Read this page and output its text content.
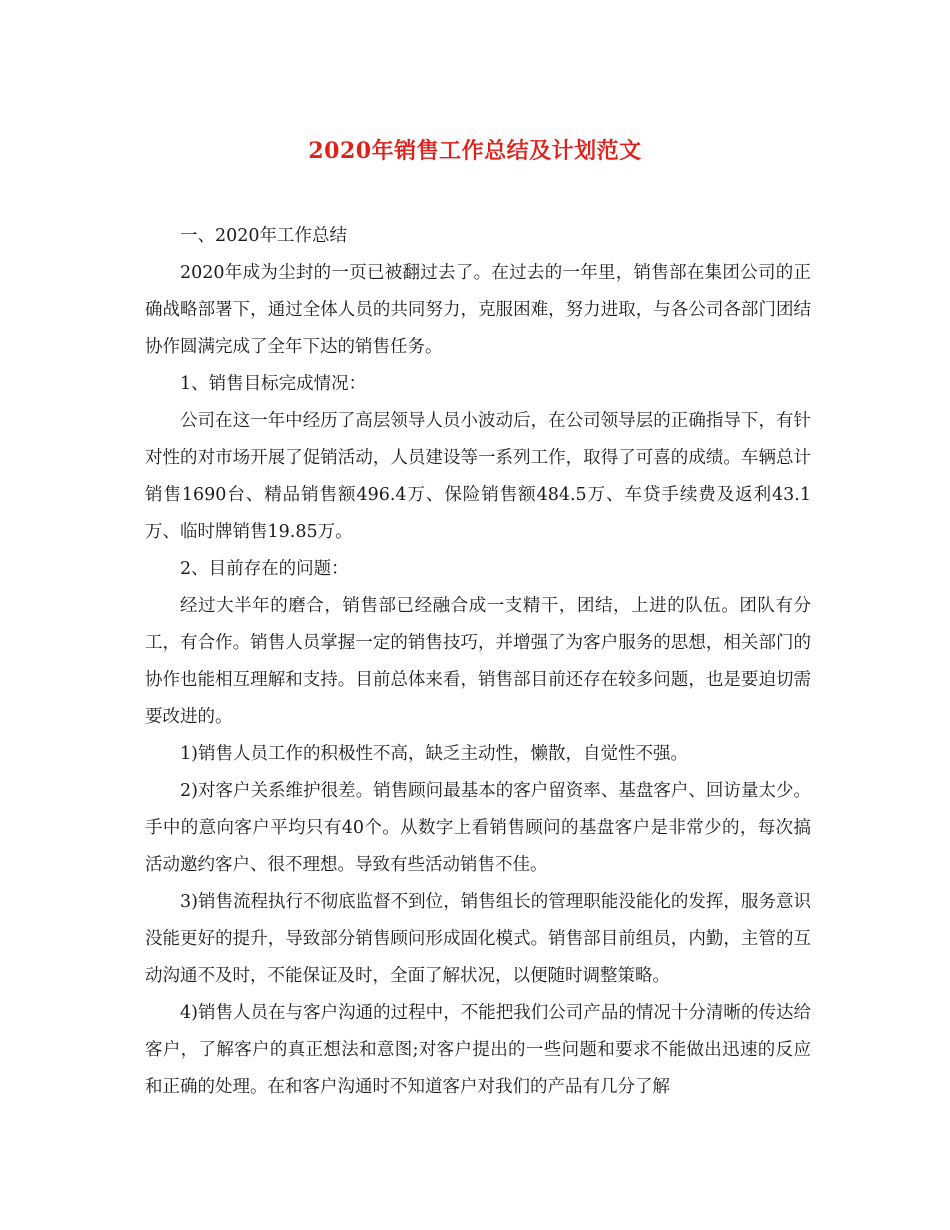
2020年销售工作总结及计划范文

一、2020年工作总结

2020年成为尘封的一页已被翻过去了。在过去的一年里，销售部在集团公司的正确战略部署下，通过全体人员的共同努力，克服困难，努力进取，与各公司各部门团结协作圆满完成了全年下达的销售任务。

1、销售目标完成情况：

公司在这一年中经历了高层领导人员小波动后，在公司领导层的正确指导下，有针对性的对市场开展了促销活动，人员建设等一系列工作，取得了可喜的成绩。车辆总计销售1690台、精品销售额496.4万、保险销售额484.5万、车贷手续费及返利43.1万、临时牌销售19.85万。

2、目前存在的问题：

经过大半年的磨合，销售部已经融合成一支精干，团结，上进的队伍。团队有分工，有合作。销售人员掌握一定的销售技巧，并增强了为客户服务的思想，相关部门的协作也能相互理解和支持。目前总体来看，销售部目前还存在较多问题，也是要迫切需要改进的。

1)销售人员工作的积极性不高，缺乏主动性，懒散，自觉性不强。

2)对客户关系维护很差。销售顾问最基本的客户留资率、基盘客户、回访量太少。手中的意向客户平均只有40个。从数字上看销售顾问的基盘客户是非常少的，每次搞活动邀约客户、很不理想。导致有些活动销售不佳。

3)销售流程执行不彻底监督不到位，销售组长的管理职能没能化的发挥，服务意识没能更好的提升，导致部分销售顾问形成固化模式。销售部目前组员，内勤，主管的互动沟通不及时，不能保证及时，全面了解状况，以便随时调整策略。

4)销售人员在与客户沟通的过程中，不能把我们公司产品的情况十分清晰的传达给客户，了解客户的真正想法和意图;对客户提出的一些问题和要求不能做出迅速的反应和正确的处理。在和客户沟通时不知道客户对我们的产品有几分了解
